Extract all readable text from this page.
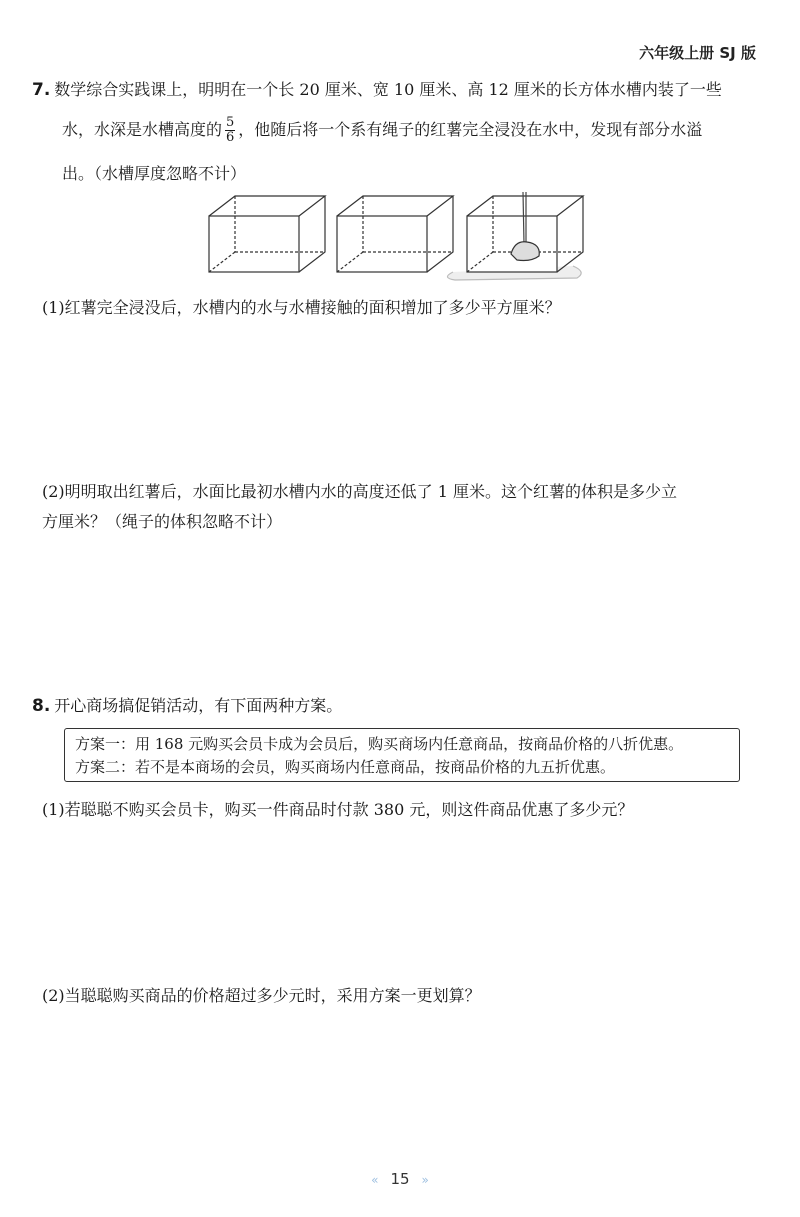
六年级上册 SJ 版
7. 数学综合实践课上，明明在一个长 20 厘米、宽 10 厘米、高 12 厘米的长方体水槽内装了一些
水，水深是水槽高度的 $\frac{5}{6}$ ，他随后将一个系有绳子的红薯完全浸没在水中，发现有部分水溢
出。（水槽厚度忽略不计）
(1)红薯完全浸没后，水槽内的水与水槽接触的面积增加了多少平方厘米？
(2)明明取出红薯后，水面比最初水槽内水的高度还低了 1 厘米。这个红薯的体积是多少立
方厘米？（绳子的体积忽略不计）
8. 开心商场搞促销活动，有下面两种方案。
方案一：用 168 元购买会员卡成为会员后，购买商场内任意商品，按商品价格的八折优惠。
方案二：若不是本商场的会员，购买商场内任意商品，按商品价格的九五折优惠。
(1)若聪聪不购买会员卡，购买一件商品时付款 380 元，则这件商品优惠了多少元？
(2)当聪聪购买商品的价格超过多少元时，采用方案一更划算？
« 15 »
